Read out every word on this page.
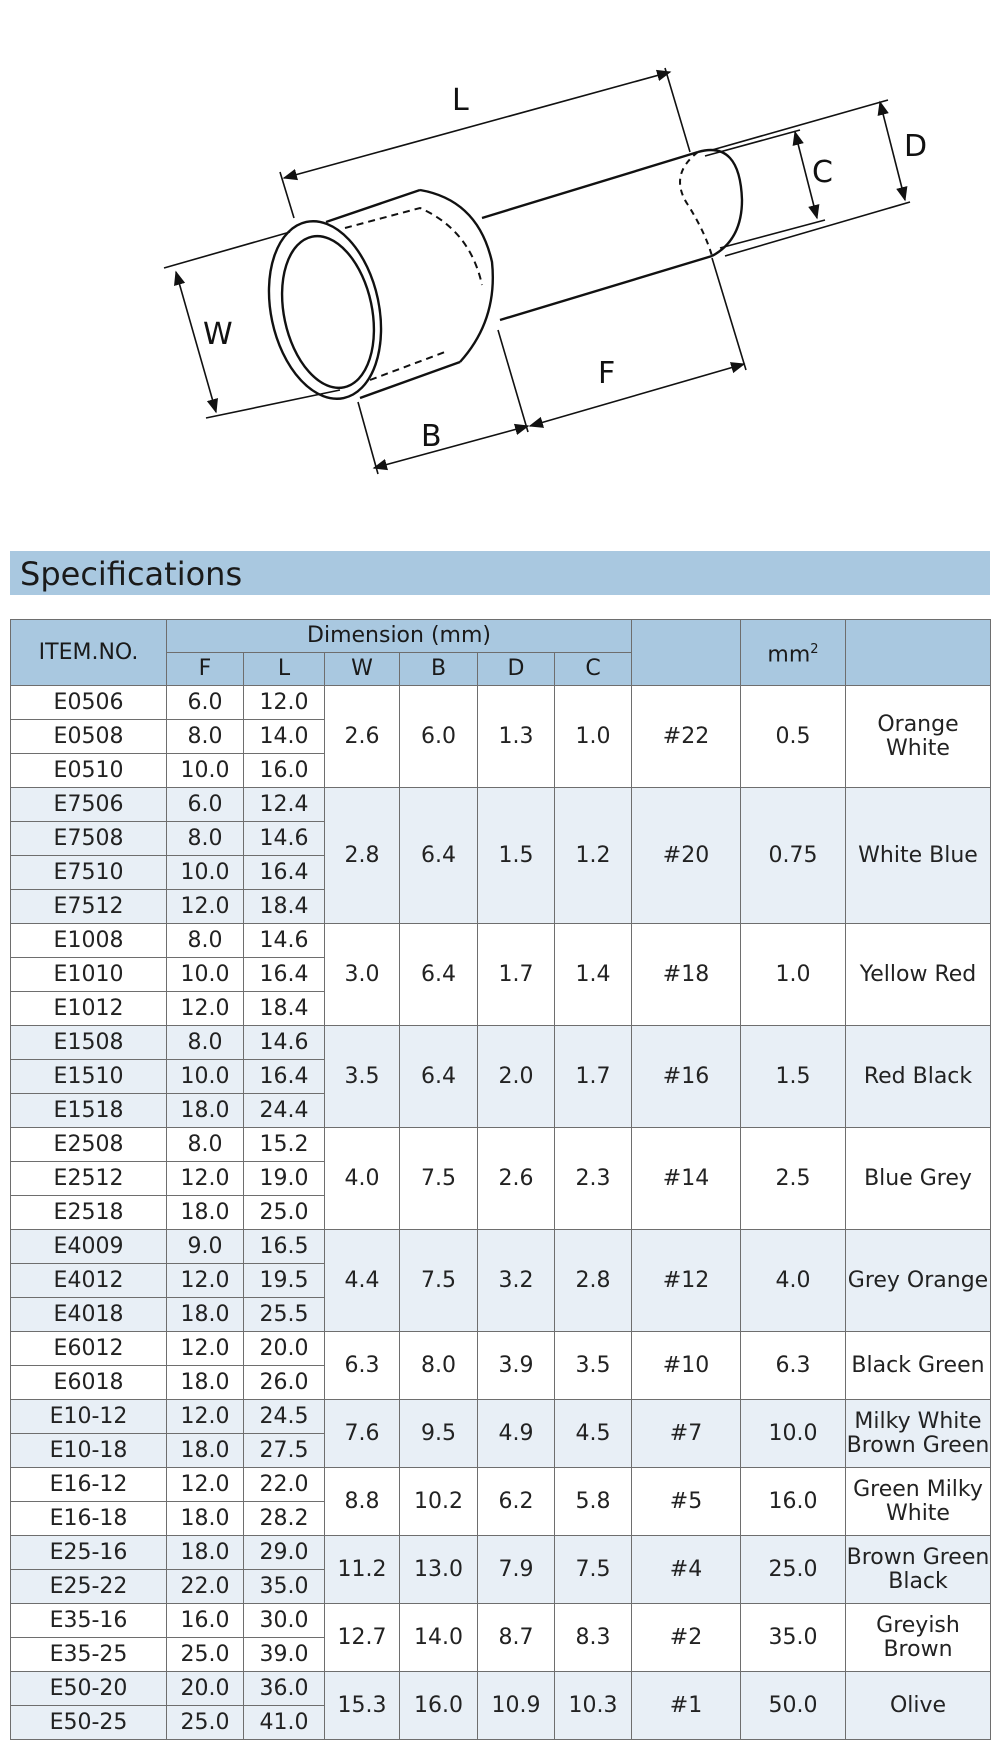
L
D
C
W
B
F
Specifications
ITEM.NO.	Dimension (mm)							$mm^2$	
	F	L	W	B	D	C			
E0506	6.0	12.0	2.6	6.0	1.3	1.0	#22	0.5	Orange
White

E0508	8.0	14.0							
E0510	10.0	16.0							
E7506	6.0	12.4	2.8	6.4	1.5	1.2	#20	0.75	White Blue

E7508	8.0	14.6							
E7510	10.0	16.4							
E7512	12.0	18.4							
E1008	8.0	14.6	3.0	6.4	1.7	1.4	#18	1.0	Yellow Red

E1010	10.0	16.4							
E1012	12.0	18.4							
E1508	8.0	14.6	3.5	6.4	2.0	1.7	#16	1.5	Red Black

E1510	10.0	16.4							
E1518	18.0	24.4							
E2508	8.0	15.2	4.0	7.5	2.6	2.3	#14	2.5	Blue Grey

E2512	12.0	19.0							
E2518	18.0	25.0							
E4009	9.0	16.5	4.4	7.5	3.2	2.8	#12	4.0	Grey Orange

E4012	12.0	19.5							
E4018	18.0	25.5							
E6012	12.0	20.0	6.3	8.0	3.9	3.5	#10	6.3	Black Green

E6018	18.0	26.0							
E10-12	12.0	24.5	7.6	9.5	4.9	4.5	#7	10.0	Milky White
Brown Green

E10-18	18.0	27.5							
E16-12	12.0	22.0	8.8	10.2	6.2	5.8	#5	16.0	Green Milky
White

E16-18	18.0	28.2							
E25-16	18.0	29.0	11.2	13.0	7.9	7.5	#4	25.0	Brown Green
Black

E25-22	22.0	35.0							
E35-16	16.0	30.0	12.7	14.0	8.7	8.3	#2	35.0	Greyish
Brown

E35-25	25.0	39.0							
E50-20	20.0	36.0	15.3	16.0	10.9	10.3	#1	50.0	Olive

E50-25	25.0	41.0							
